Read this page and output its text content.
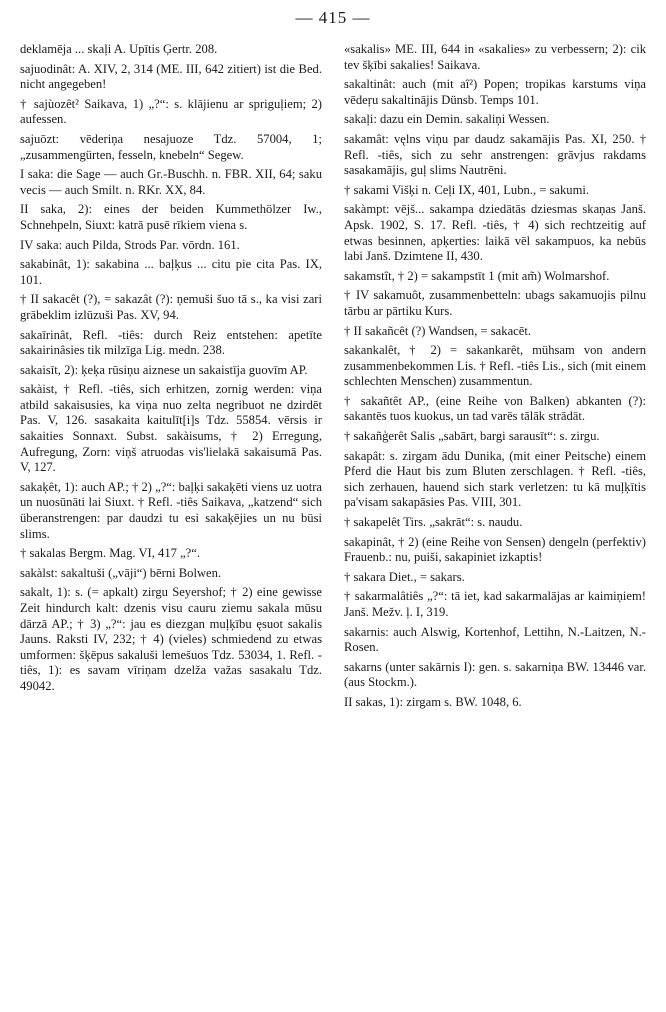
— 415 —

deklamēja ... skaļi A. Upītis Ģertr. 208.

sajuodinât: A. XIV, 2, 314 (ME. III, 642 zitiert) ist die Bed. nicht angegeben!

† sajùozêt² Saikava, 1) „?“: s. klājienu ar spriguļiem; 2) aufessen.

sajuōzt: vēderiņa nesajuoze Tdz. 57004, 1; „zusammengürten, fesseln, knebeln“ Segew.

I saka: die Sage — auch Gr.-Buschh. n. FBR. XII, 64; saku vecis — auch Smilt. n. RKr. XX, 84.

II saka, 2): eines der beiden Kummethölzer Iw., Schnehpeln, Siuxt: katrā pusē rīkiem viena s.

IV saka: auch Pilda, Strods Par. vōrdn. 161.

sakabinât, 1): sakabina ... baļķus ... citu pie cita Pas. IX, 101.

† II sakacêt (?), = sakazât (?): ņemuši šuo tā s., ka visi zari grābeklim izlūzuši Pas. XV, 94.

sakaīrinât, Refl. -tiês: durch Reiz entstehen: apetīte sakairinâsies tik milzīga Lig. medn. 238.

sakaisīt, 2): ķeķa rūsiņu aiznese un sakaistīja guovīm AP.

sakàist, † Refl. -tiês, sich erhitzen, zornig werden: viņa atbild sakaisusies, ka viņa nuo zelta negribuot ne dzirdēt Pas. V, 126. sasakaita kaitulīt[i]s Tdz. 55854. vērsis ir sakaities Sonnaxt. Subst. sakàisums, † 2) Erregung, Aufregung, Zorn: viņš atruodas vis'lielakā sakaisumā Pas. V, 127.

sakaķêt, 1): auch AP.; † 2) „?“: baļķi sakaķēti viens uz uotra un nuosūnāti lai Siuxt. † Refl. -tiês Saikava, „katzend“ sich überanstrengen: par daudzi tu esi sakaķējies un nu būsi slims.

† sakalas Bergm. Mag. VI, 417 „?“.

sakàlst: sakaltuši („vāji“) bērni Bolwen.

sakalt, 1): s. (= apkalt) zirgu Seyershof; † 2) eine gewisse Zeit hindurch kalt: dzenis visu cauru ziemu sakala mūsu dārzā AP.; † 3) „?“: jau es diezgan muļķību ęsuot sakalis Jauns. Raksti IV, 232; † 4) (vieles) schmiedend zu etwas umformen: šķēpus sakaluši lemešuos Tdz. 53034, 1. Refl. -tiês, 1): es savam vīriņam dzelža važas sasakalu Tdz. 49042.

«sakalis» ME. III, 644 in «sakalies» zu verbessern; 2): cik tev šķībi sakalies! Saikava.

sakaltinât: auch (mit aî²) Popen; tropikas karstums viņa vēdeŗu sakaltinājis Dünsb. Temps 101.

sakaļi: dazu ein Demin. sakaliņi Wessen.

sakamât: vęlns viņu par daudz sakamājis Pas. XI, 250. † Refl. -tiês, sich zu sehr anstrengen: grāvjus rakdams sasakamājis, guļ slims Nautrēni.

† sakami Višķi n. Ceļi IX, 401, Lubn., = sakumi.

sakàmpt: vējš... sakampa dziedātās dziesmas skaņas Janš. Apsk. 1902, S. 17. Refl. -tiês, † 4) sich rechtzeitig auf etwas besinnen, apķerties: laikā vēl sakampuos, ka nebūs labi Janš. Dzimtene II, 430.

sakamstît, † 2) = sakampstīt 1 (mit am̃) Wolmarshof.

† IV sakamuôt, zusammenbetteln: ubags sakamuojis pilnu tārbu ar pārtiku Kurs.

† II sakañcêt (?) Wandsen, = sakacēt.

sakankalêt, † 2) = sakankarêt, mühsam von andern zusammenbekommen Lis. † Refl. -tiês Lis., sich (mit einem schlechten Menschen) zusammentun.

† sakañtêt AP., (eine Reihe von Balken) abkanten (?): sakantēs tuos kuokus, un tad varēs tālāk strādāt.

† sakañģerêt Salis „sabārt, bargi sarausīt“: s. zirgu.

sakapât: s. zirgam ādu Dunika, (mit einer Peitsche) einem Pferd die Haut bis zum Bluten zerschlagen. † Refl. -tiês, sich zerhauen, hauend sich stark verletzen: tu kā muļķītis pa'visam sakapāsies Pas. VIII, 301.

† sakapelêt Tirs. „sakrāt“: s. naudu.

sakapinât, † 2) (eine Reihe von Sensen) dengeln (perfektiv) Frauenb.: nu, puiši, sakapiniet izkaptis!

† sakara Diet., = sakars.

† sakarmalâtiês „?“: tā iet, kad sakarmalājas ar kaimiņiem! Janš. Mežv. ļ. I, 319.

sakarnis: auch Alswig, Kortenhof, Lettihn, N.-Laitzen, N.-Rosen.

sakarns (unter sakārnis I): gen. s. sakarniņa BW. 13446 var. (aus Stockm.).

II sakas, 1): zirgam s. BW. 1048, 6.
